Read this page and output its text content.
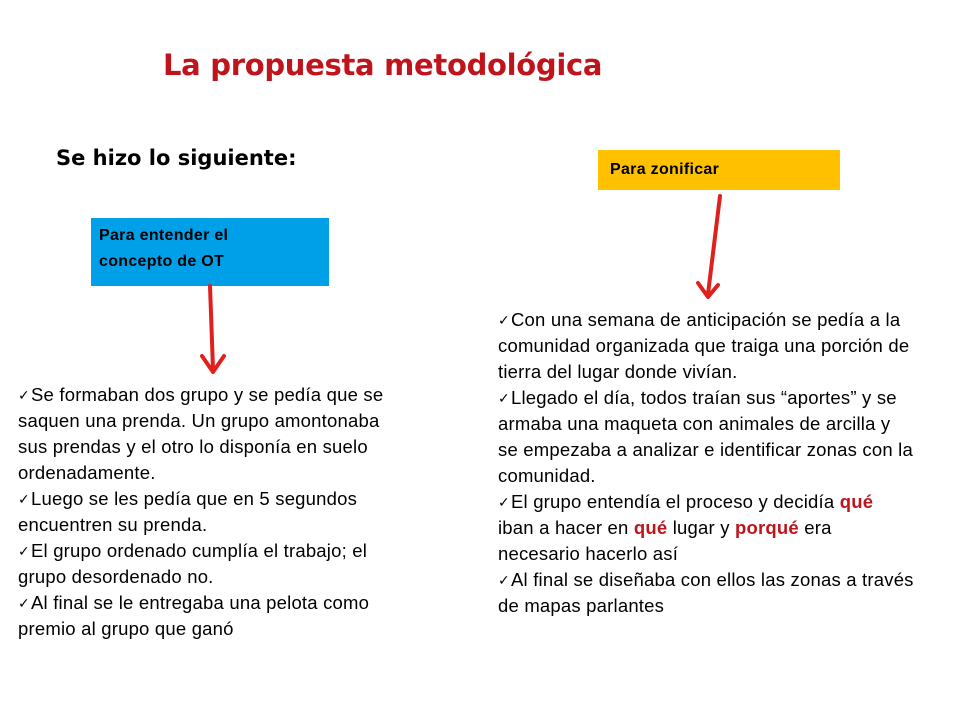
La propuesta metodológica
Se hizo lo siguiente:
Para entender el
concepto de OT
Para zonificar
✓Se formaban dos grupo y se pedía que se saquen una prenda. Un grupo amontonaba sus prendas y el otro lo disponía en suelo ordenadamente.
✓Luego se les pedía que en 5 segundos encuentren su prenda.
✓El grupo ordenado cumplía el trabajo; el grupo desordenado no.
✓Al final se le entregaba una pelota como premio al grupo que ganó
✓Con una semana de anticipación se pedía a la comunidad organizada que traiga una porción de tierra del lugar donde vivían.
✓Llegado el día, todos traían sus “aportes” y se armaba una maqueta con animales de arcilla y se empezaba a analizar e identificar zonas con la comunidad.
✓El grupo entendía el proceso y decidía qué iban a hacer en qué lugar y porqué era necesario hacerlo así
✓Al final se diseñaba con ellos las zonas a través de mapas parlantes
